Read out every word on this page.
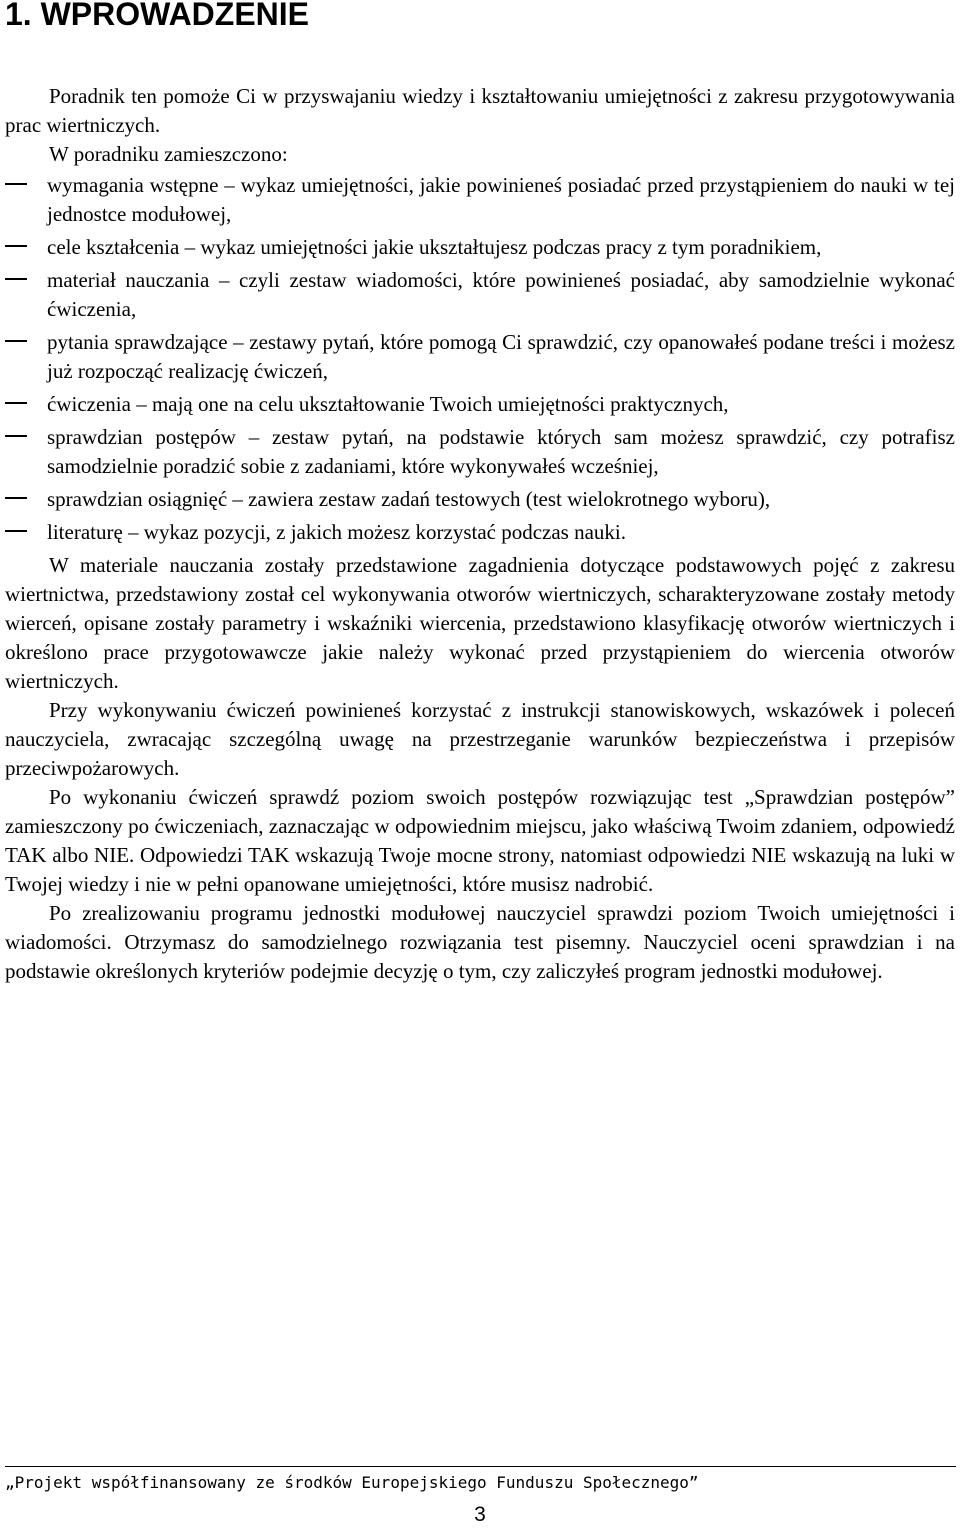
1. WPROWADZENIE

Poradnik ten pomoże Ci w przyswajaniu wiedzy i kształtowaniu umiejętności z zakresu przygotowywania prac wiertniczych.

W poradniku zamieszczono:

wymagania wstępne – wykaz umiejętności, jakie powinieneś posiadać przed przystąpieniem do nauki w tej jednostce modułowej,
cele kształcenia – wykaz umiejętności jakie ukształtujesz podczas pracy z tym poradnikiem,
materiał nauczania – czyli zestaw wiadomości, które powinieneś posiadać, aby samodzielnie wykonać ćwiczenia,
pytania sprawdzające – zestawy pytań, które pomogą Ci sprawdzić, czy opanowałeś podane treści i możesz już rozpocząć realizację ćwiczeń,
ćwiczenia – mają one na celu ukształtowanie Twoich umiejętności praktycznych,
sprawdzian postępów – zestaw pytań, na podstawie których sam możesz sprawdzić, czy potrafisz samodzielnie poradzić sobie z zadaniami, które wykonywałeś wcześniej,
sprawdzian osiągnięć – zawiera zestaw zadań testowych (test wielokrotnego wyboru),
literaturę – wykaz pozycji, z jakich możesz korzystać podczas nauki.

W materiale nauczania zostały przedstawione zagadnienia dotyczące podstawowych pojęć z zakresu wiertnictwa, przedstawiony został cel wykonywania otworów wiertniczych, scharakteryzowane zostały metody wierceń, opisane zostały parametry i wskaźniki wiercenia, przedstawiono klasyfikację otworów wiertniczych i określono prace przygotowawcze jakie należy wykonać przed przystąpieniem do wiercenia otworów wiertniczych.

Przy wykonywaniu ćwiczeń powinieneś korzystać z instrukcji stanowiskowych, wskazówek i poleceń nauczyciela, zwracając szczególną uwagę na przestrzeganie warunków bezpieczeństwa i przepisów przeciwpożarowych.

Po wykonaniu ćwiczeń sprawdź poziom swoich postępów rozwiązując test „Sprawdzian postępów” zamieszczony po ćwiczeniach, zaznaczając w odpowiednim miejscu, jako właściwą Twoim zdaniem, odpowiedź TAK albo NIE. Odpowiedzi TAK wskazują Twoje mocne strony, natomiast odpowiedzi NIE wskazują na luki w Twojej wiedzy i nie w pełni opanowane umiejętności, które musisz nadrobić.

Po zrealizowaniu programu jednostki modułowej nauczyciel sprawdzi poziom Twoich umiejętności i wiadomości. Otrzymasz do samodzielnego rozwiązania test pisemny. Nauczyciel oceni sprawdzian i na podstawie określonych kryteriów podejmie decyzję o tym, czy zaliczyłeś program jednostki modułowej.

„Projekt współfinansowany ze środków Europejskiego Funduszu Społecznego”

3
